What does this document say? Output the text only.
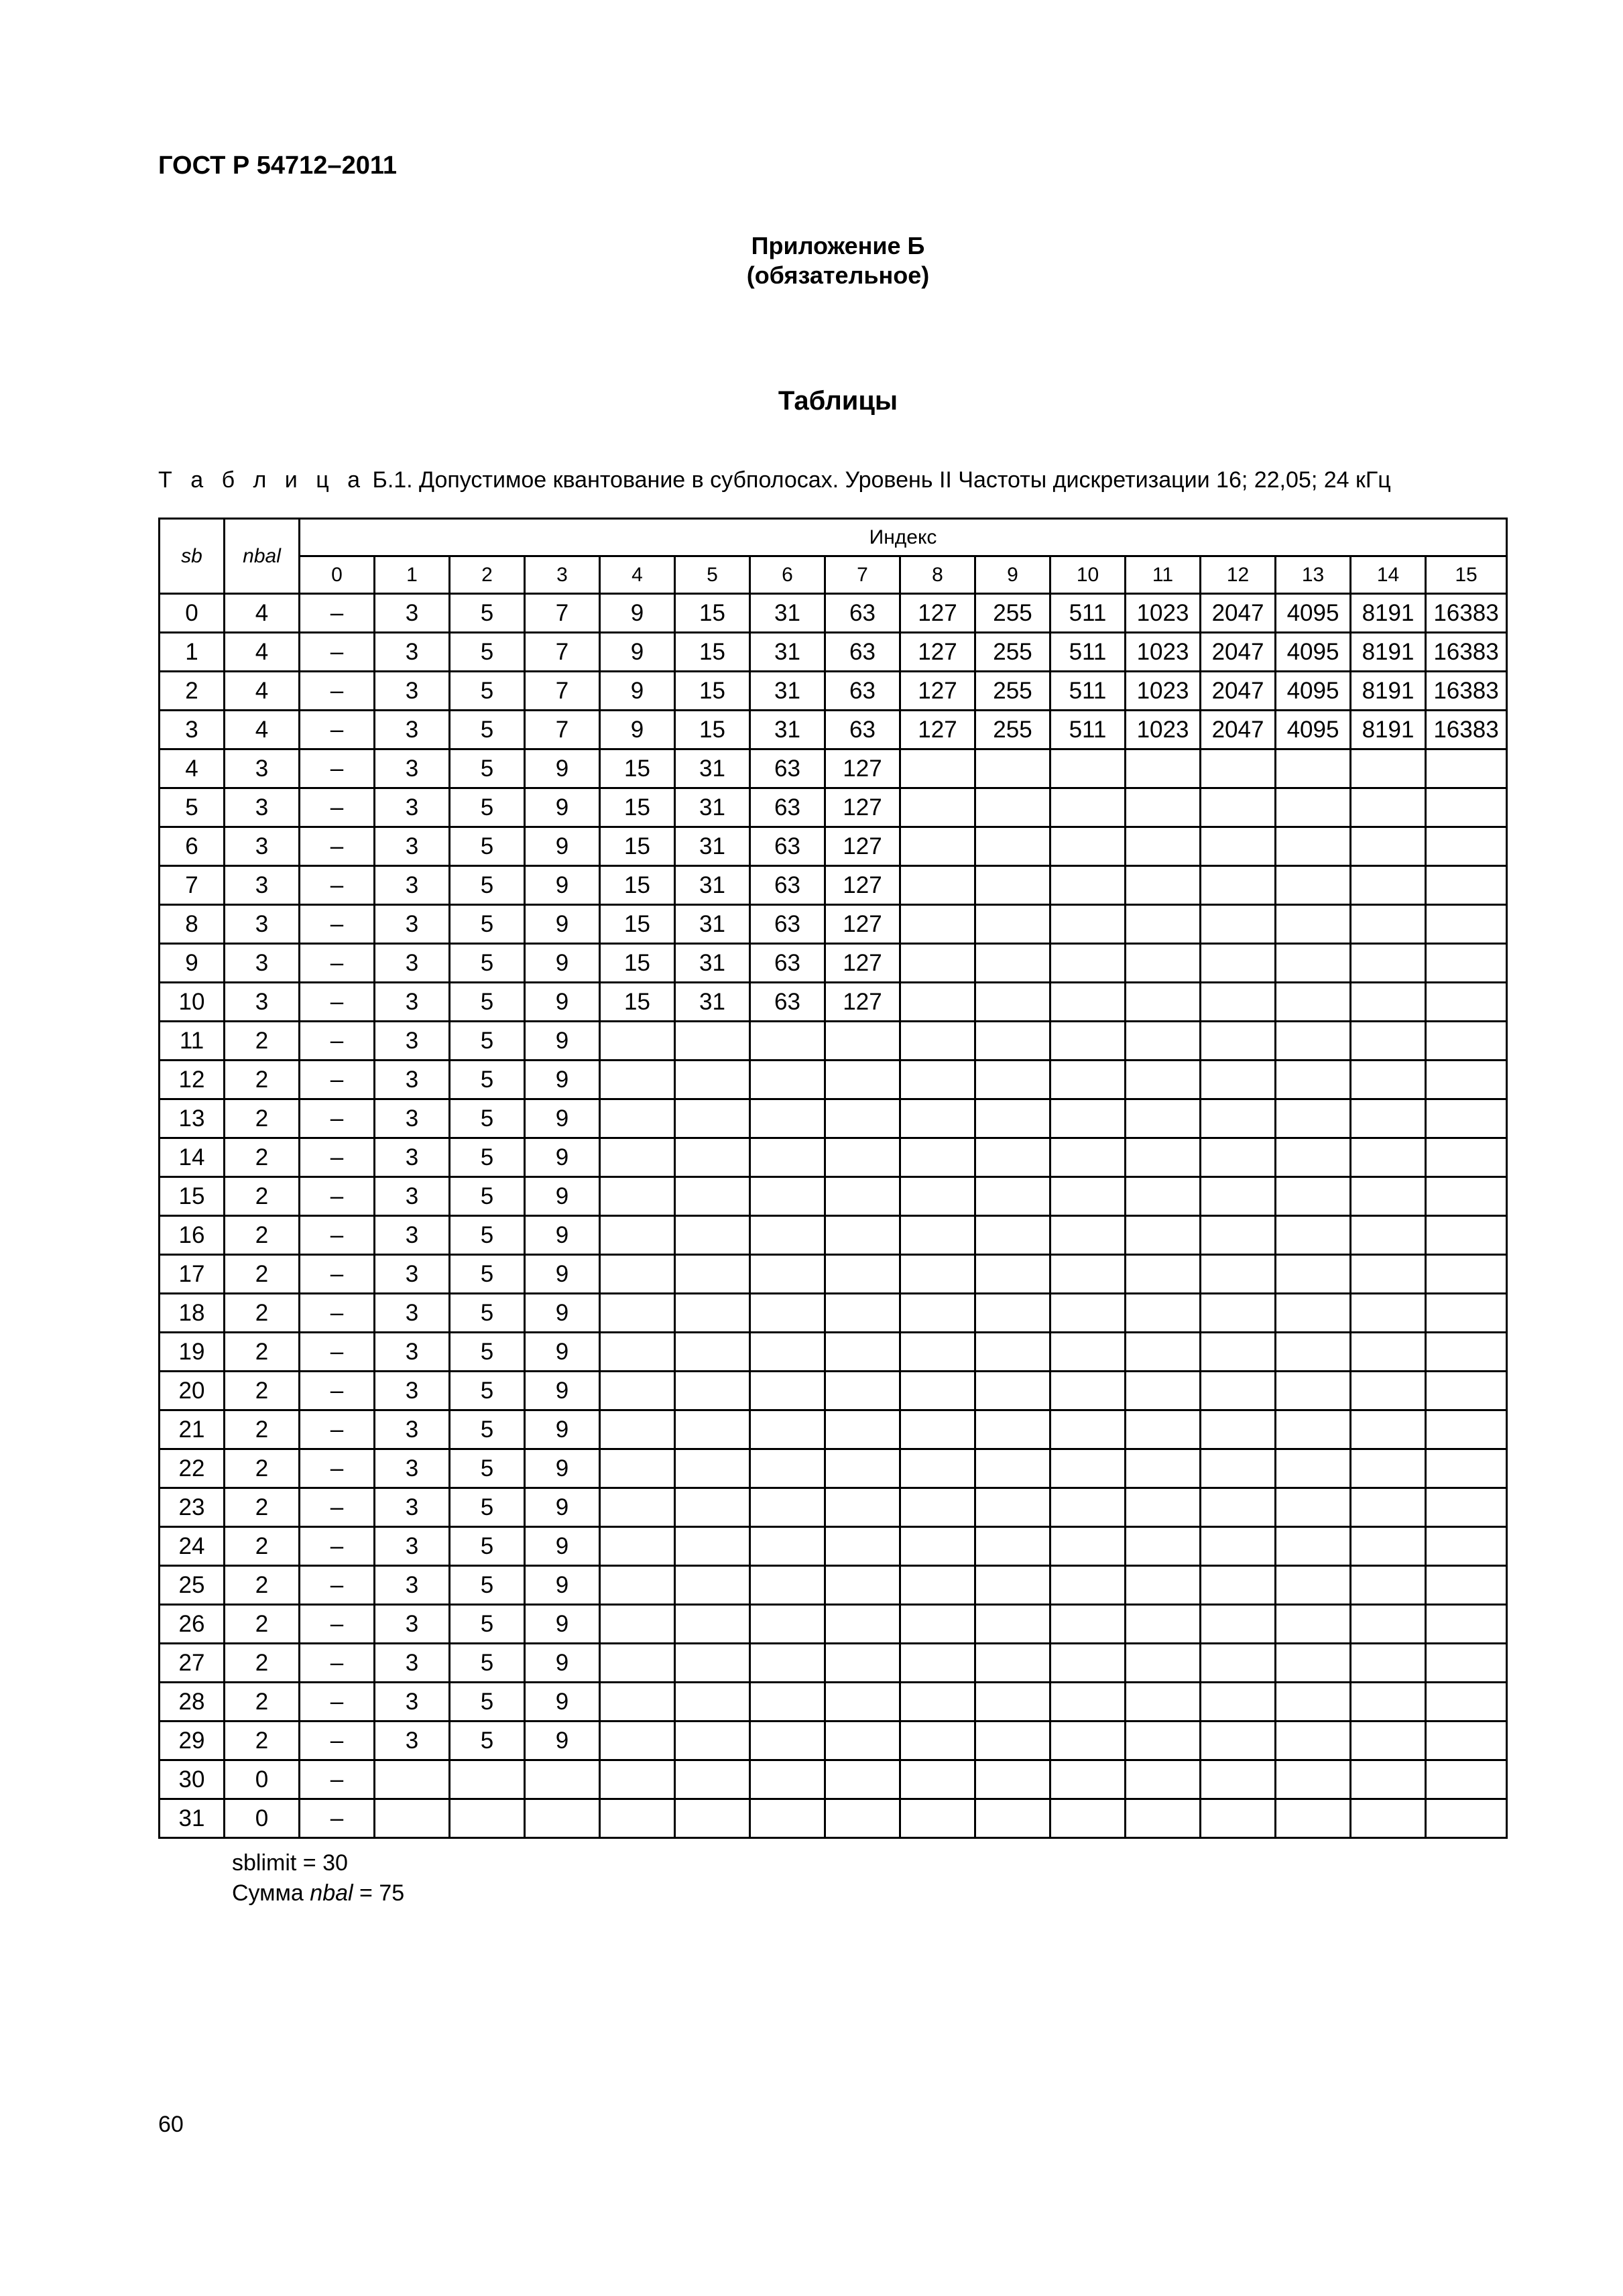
ГОСТ Р 54712–2011
Приложение Б
(обязательное)
Таблицы
Т а б л и ц а Б.1. Допустимое квантование в субполосах. Уровень II Частоты дискретизации 16; 22,05; 24 кГц
sb	nbal	Индекс															
		0	1	2	3	4	5	6	7	8	9	10	11	12	13	14	15
0	4	–	3	5	7	9	15	31	63	127	255	511	1023	2047	4095	8191	16383
1	4	–	3	5	7	9	15	31	63	127	255	511	1023	2047	4095	8191	16383
2	4	–	3	5	7	9	15	31	63	127	255	511	1023	2047	4095	8191	16383
3	4	–	3	5	7	9	15	31	63	127	255	511	1023	2047	4095	8191	16383
4	3	–	3	5	9	15	31	63	127								
5	3	–	3	5	9	15	31	63	127								
6	3	–	3	5	9	15	31	63	127								
7	3	–	3	5	9	15	31	63	127								
8	3	–	3	5	9	15	31	63	127								
9	3	–	3	5	9	15	31	63	127								
10	3	–	3	5	9	15	31	63	127								
11	2	–	3	5	9												
12	2	–	3	5	9												
13	2	–	3	5	9												
14	2	–	3	5	9												
15	2	–	3	5	9												
16	2	–	3	5	9												
17	2	–	3	5	9												
18	2	–	3	5	9												
19	2	–	3	5	9												
20	2	–	3	5	9												
21	2	–	3	5	9												
22	2	–	3	5	9												
23	2	–	3	5	9												
24	2	–	3	5	9												
25	2	–	3	5	9												
26	2	–	3	5	9												
27	2	–	3	5	9												
28	2	–	3	5	9												
29	2	–	3	5	9												
30	0	–															
31	0	–															
sblimit = 30
Сумма nbal = 75
60
